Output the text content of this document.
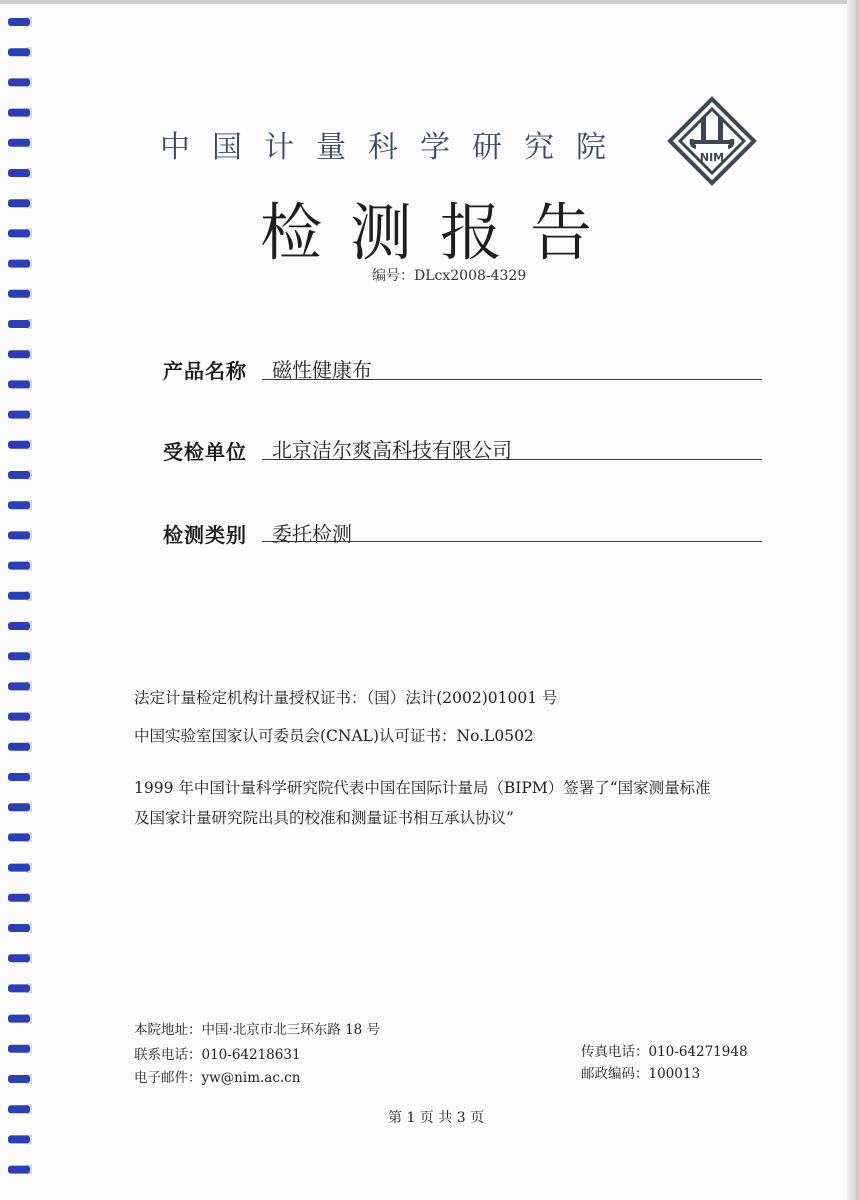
中国计量科学研究院	NIM
检测报告
编号：DLcx2008-4329
产品名称 磁性健康布
受检单位 北京洁尔爽高科技有限公司
检测类别 委托检测
法定计量检定机构计量授权证书：（国）法计(2002)01001 号
中国实验室国家认可委员会(CNAL)认可证书：No.L0502
1999 年中国计量科学研究院代表中国在国际计量局（BIPM）签署了“国家测量标准
及国家计量研究院出具的校准和测量证书相互承认协议”
本院地址：中国·北京市北三环东路 18 号
联系电话：010-64218631
电子邮件：yw@nim.ac.cn
传真电话：010-64271948
邮政编码：100013
第 1 页 共 3 页
